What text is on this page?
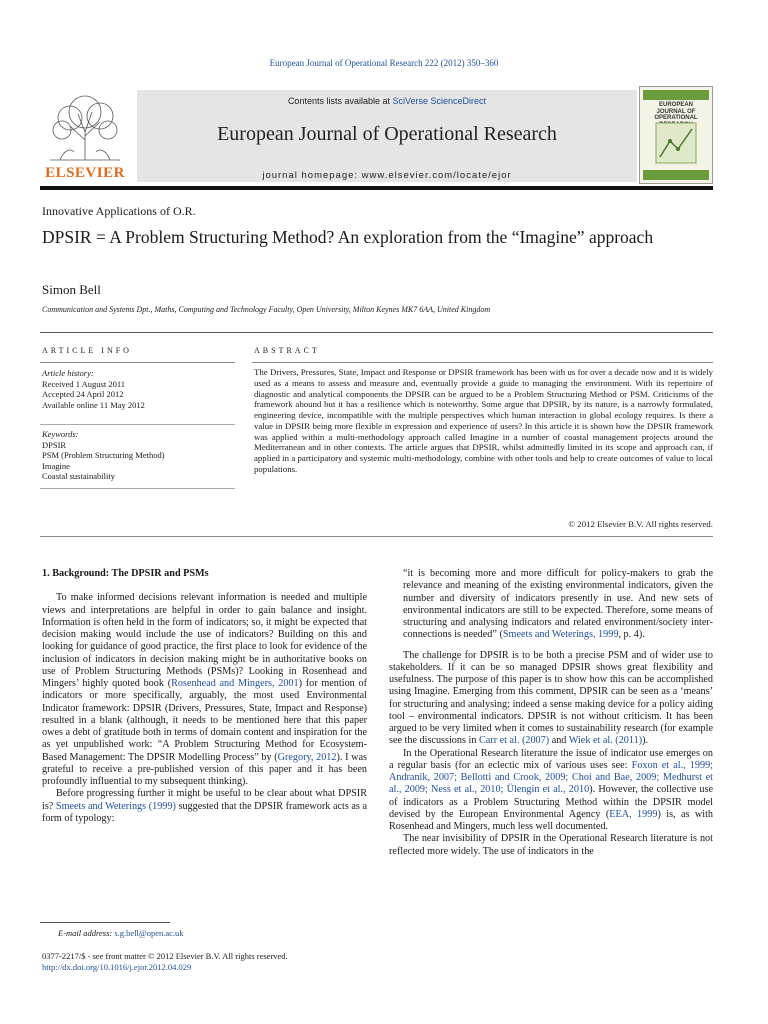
European Journal of Operational Research 222 (2012) 350–360
ELSEVIER
Contents lists available at SciVerse ScienceDirect
European Journal of Operational Research
journal homepage: www.elsevier.com/locate/ejor
EUROPEAN JOURNAL OF OPERATIONAL
Innovative Applications of O.R.
DPSIR = A Problem Structuring Method? An exploration from the “Imagine” approach
Simon Bell
Communication and Systems Dpt., Maths, Computing and Technology Faculty, Open University, Milton Keynes MK7 6AA, United Kingdom
ARTICLE INFO
Article history:
Received 1 August 2011
Accepted 24 April 2012
Available online 11 May 2012
Keywords:
DPSIR
PSM (Problem Structuring Method)
Imagine
Coastal sustainability
ABSTRACT
The Drivers, Pressures, State, Impact and Response or DPSIR framework has been with us for over a decade now and it is widely used as a means to assess and measure and, eventually provide a guide to managing the environment. With its repertoire of diagnostic and analytical components the DPSIR can be argued to be a Problem Structuring Method or PSM. Criticisms of the framework abound but it has a resilience which is noteworthy. Some argue that DPSIR, by its nature, is a narrowly formulated, engineering device, incompatible with the multiple perspectives which human interaction in global ecology requires. Is there a value in DPSIR being more flexible in expression and experience of users? In this article it is shown how the DPSIR framework was applied within a multi-methodology approach called Imagine in a number of coastal management projects around the Mediterranean and in other contexts. The article argues that DPSIR, whilst admittedly limited in its scope and approach can, if applied in a participatory and systemic multi-methodology, combine with other tools and help to create outcomes of value to local populations.
© 2012 Elsevier B.V. All rights reserved.
1. Background: The DPSIR and PSMs

To make informed decisions relevant information is needed and multiple views and interpretations are helpful in order to gain balance and insight. Information is often held in the form of indicators; so, it might be expected that decision making would include the use of indicators? Building on this and looking for guidance of good practice, the first place to look for evidence of the inclusion of indicators in decision making might be in authoritative books on use of Problem Structuring Methods (PSMs)? Looking in Rosenhead and Mingers’ highly quoted book (Rosenhead and Mingers, 2001) for mention of indicators or more specifically, arguably, the most used Environmental Indicator framework: DPSIR (Drivers, Pressures, State, Impact and Response) resulted in a blank (although, it needs to be mentioned here that this paper owes a debt of gratitude both in terms of domain content and inspiration for the as yet unpublished work: “A Problem Structuring Method for Ecosystem-Based Management: The DPSIR Modelling Process” by (Gregory, 2012). I was grateful to receive a pre-published version of this paper and it has been profoundly influential to my subsequent thinking).

Before progressing further it might be useful to be clear about what DPSIR is? Smeets and Weterings (1999) suggested that the DPSIR framework acts as a form of typology:

“it is becoming more and more difficult for policy-makers to grab the relevance and meaning of the existing environmental indicators, given the number and diversity of indicators presently in use. And new sets of environmental indicators are still to be expected. Therefore, some means of structuring and analysing indicators and related environment/society inter-connections is needed” (Smeets and Weterings, 1999, p. 4).

The challenge for DPSIR is to be both a precise PSM and of wider use to stakeholders. If it can be so managed DPSIR shows great flexibility and usefulness. The purpose of this paper is to show how this can be accomplished using Imagine. Emerging from this comment, DPSIR can be seen as a ‘means’ for structuring and analysing; indeed a sense making device for a policy aiding tool – environmental indicators. DPSIR is not without criticism. It has been argued to be very limited when it comes to sustainability research (for example see the discussions in Carr et al. (2007) and Wiek et al. (2011)).

In the Operational Research literature the issue of indicator use emerges on a regular basis (for an eclectic mix of various uses see: Foxon et al., 1999; Andranik, 2007; Bellotti and Crook, 2009; Choi and Bae, 2009; Medhurst et al., 2009; Ness et al., 2010; Ülengin et al., 2010). However, the collective use of indicators as a Problem Structuring Method within the DPSIR model devised by the European Environmental Agency (EEA, 1999) is, as with Rosenhead and Mingers, much less well documented.

The near invisibility of DPSIR in the Operational Research literature is not reflected more widely. The use of indicators in the

E-mail address: s.g.bell@open.ac.uk
0377-2217/$ - see front matter © 2012 Elsevier B.V. All rights reserved.
http://dx.doi.org/10.1016/j.ejor.2012.04.029
